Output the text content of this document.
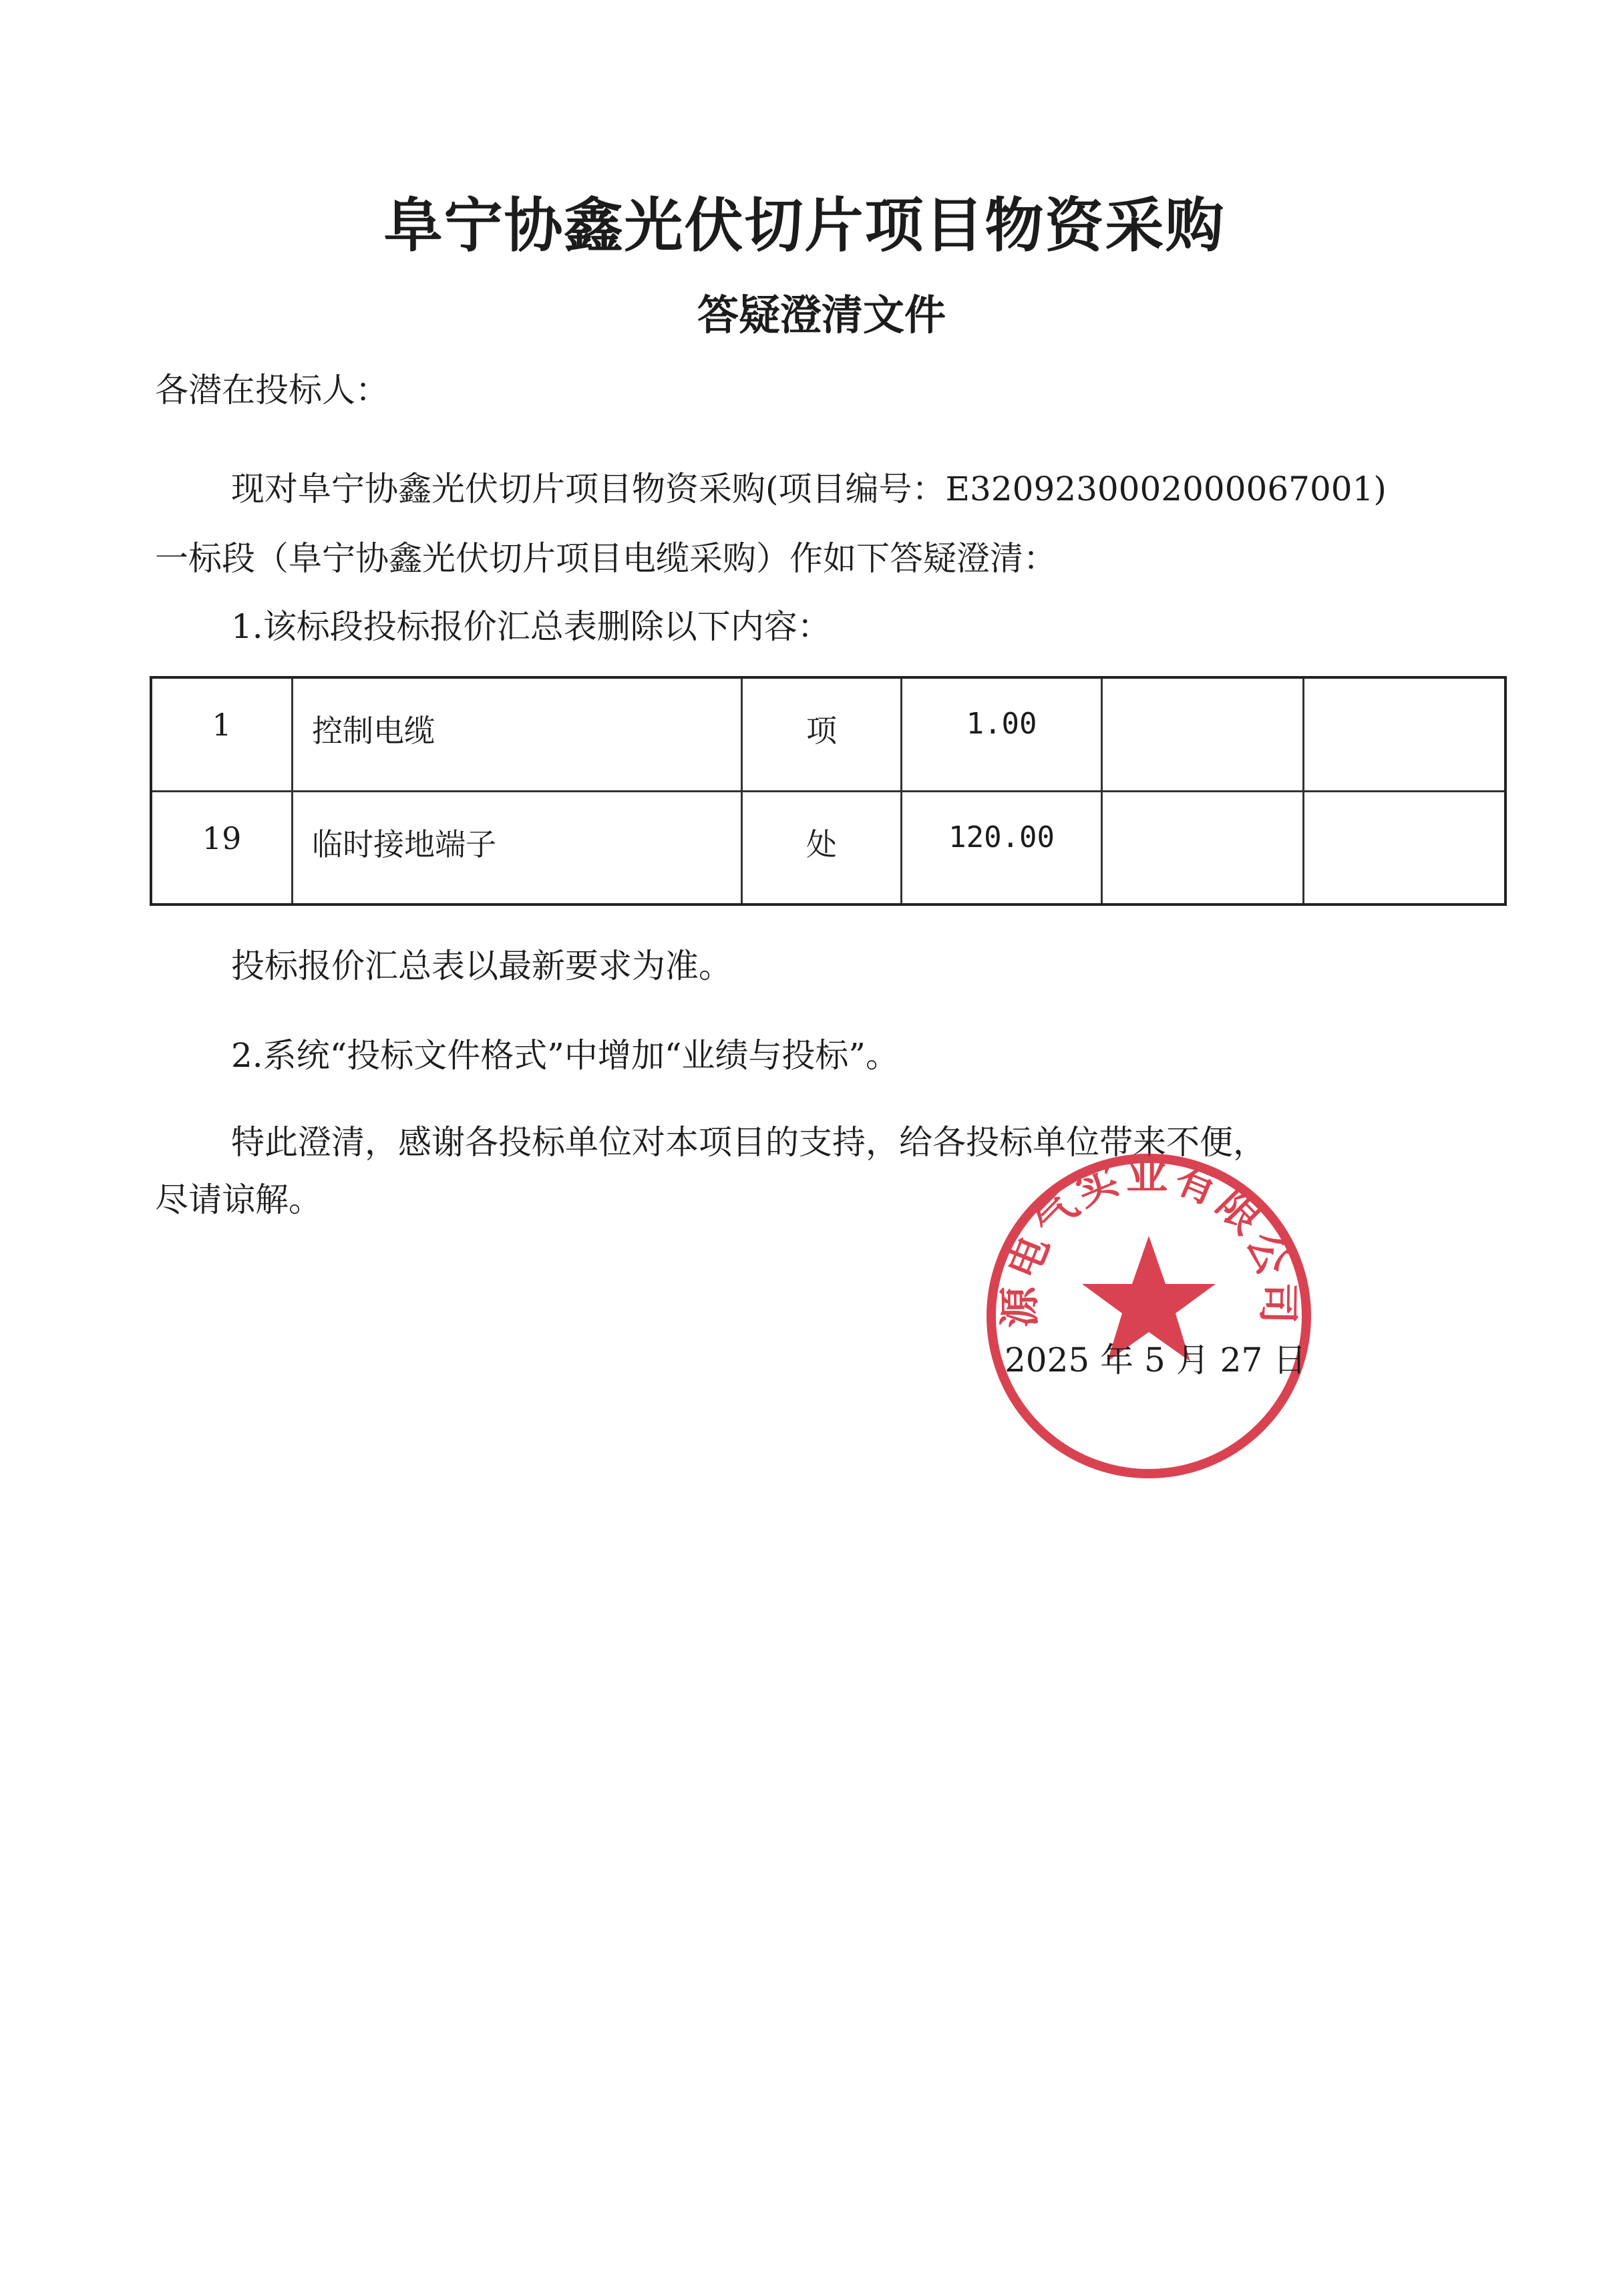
阜宁协鑫光伏切片项目物资采购
答疑澄清文件
各潜在投标人：
现对阜宁协鑫光伏切片项目物资采购(项目编号：E3209230002000067001)
一标段（阜宁协鑫光伏切片项目电缆采购）作如下答疑澄清：
1.该标段投标报价汇总表删除以下内容：
1	控制电缆	项	1.00		
19	临时接地端子	处	120.00		
投标报价汇总表以最新要求为准。
2.系统“投标文件格式”中增加“业绩与投标”。
特此澄清，感谢各投标单位对本项目的支持，给各投标单位带来不便，
尽请谅解。
源电气实业有限公司
2025 年 5 月 27 日
